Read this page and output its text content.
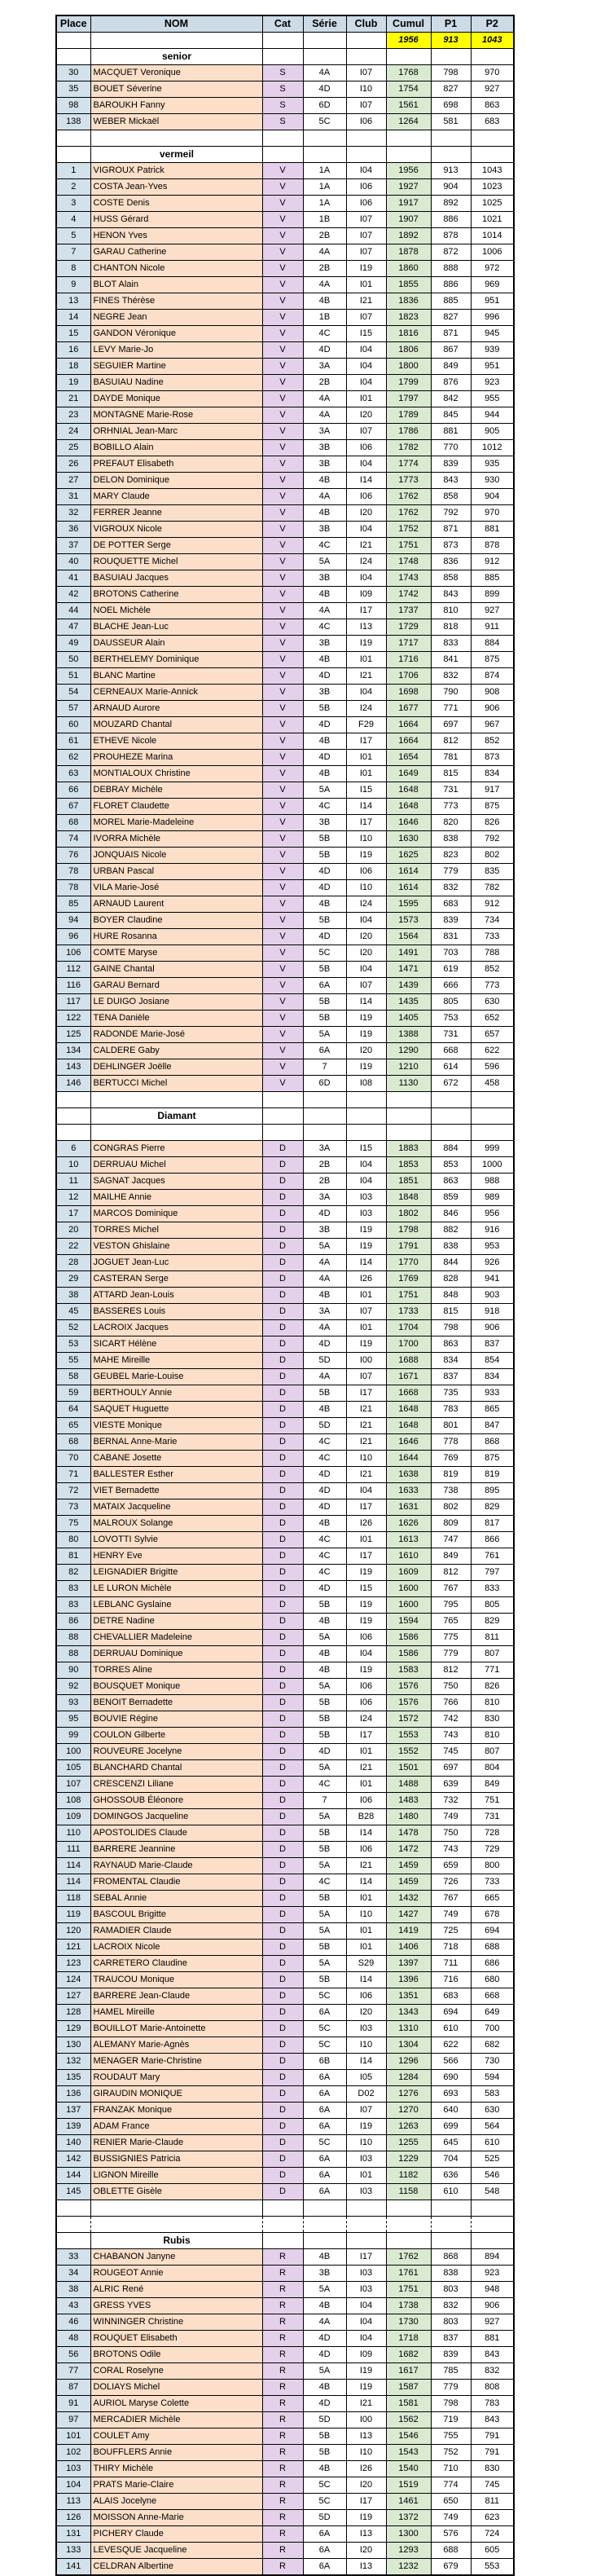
Place	NOM	Cat	Série	Club	Cumul	P1	P2
					1956	913	1043
	senior						
30	MACQUET Veronique	S	4A	I07	1768	798	970
35	BOUET Séverine	S	4D	I10	1754	827	927
98	BAROUKH Fanny	S	6D	I07	1561	698	863
138	WEBER Mickaël	S	5C	I06	1264	581	683

	vermeil						
1	VIGROUX Patrick	V	1A	I04	1956	913	1043
2	COSTA Jean-Yves	V	1A	I06	1927	904	1023
3	COSTE Denis	V	1A	I06	1917	892	1025
4	HUSS Gérard	V	1B	I07	1907	886	1021
5	HENON Yves	V	2B	I07	1892	878	1014
7	GARAU Catherine	V	4A	I07	1878	872	1006
8	CHANTON Nicole	V	2B	I19	1860	888	972
9	BLOT Alain	V	4A	I01	1855	886	969
13	FINES Thérèse	V	4B	I21	1836	885	951
14	NEGRE Jean	V	1B	I07	1823	827	996
15	GANDON Véronique	V	4C	I15	1816	871	945
16	LEVY Marie-Jo	V	4D	I04	1806	867	939
18	SEGUIER Martine	V	3A	I04	1800	849	951
19	BASUIAU Nadine	V	2B	I04	1799	876	923
21	DAYDE Monique	V	4A	I01	1797	842	955
23	MONTAGNE Marie-Rose	V	4A	I20	1789	845	944
24	ORHNIAL Jean-Marc	V	3A	I07	1786	881	905
25	BOBILLO Alain	V	3B	I06	1782	770	1012
26	PREFAUT Elisabeth	V	3B	I04	1774	839	935
27	DELON Dominique	V	4B	I14	1773	843	930
31	MARY Claude	V	4A	I06	1762	858	904
32	FERRER Jeanne	V	4B	I20	1762	792	970
36	VIGROUX Nicole	V	3B	I04	1752	871	881
37	DE POTTER Serge	V	4C	I21	1751	873	878
40	ROUQUETTE Michel	V	5A	I24	1748	836	912
41	BASUIAU Jacques	V	3B	I04	1743	858	885
42	BROTONS Catherine	V	4B	I09	1742	843	899
44	NOEL Michèle	V	4A	I17	1737	810	927
47	BLACHE Jean-Luc	V	4C	I13	1729	818	911
49	DAUSSEUR Alain	V	3B	I19	1717	833	884
50	BERTHELEMY Dominique	V	4B	I01	1716	841	875
51	BLANC Martine	V	4D	I21	1706	832	874
54	CERNEAUX Marie-Annick	V	3B	I04	1698	790	908
57	ARNAUD Aurore	V	5B	I24	1677	771	906
60	MOUZARD Chantal	V	4D	F29	1664	697	967
61	ETHEVE Nicole	V	4B	I17	1664	812	852
62	PROUHEZE Marina	V	4D	I01	1654	781	873
63	MONTIALOUX Christine	V	4B	I01	1649	815	834
66	DEBRAY Michèle	V	5A	I15	1648	731	917
67	FLORET Claudette	V	4C	I14	1648	773	875
68	MOREL Marie-Madeleine	V	3B	I17	1646	820	826
74	IVORRA Michèle	V	5B	I10	1630	838	792
76	JONQUAIS Nicole	V	5B	I19	1625	823	802
78	URBAN Pascal	V	4D	I06	1614	779	835
78	VILA Marie-José	V	4D	I10	1614	832	782
85	ARNAUD Laurent	V	4B	I24	1595	683	912
94	BOYER Claudine	V	5B	I04	1573	839	734
96	HURE Rosanna	V	4D	I20	1564	831	733
106	COMTE Maryse	V	5C	I20	1491	703	788
112	GAINE Chantal	V	5B	I04	1471	619	852
116	GARAU Bernard	V	6A	I07	1439	666	773
117	LE DUIGO Josiane	V	5B	I14	1435	805	630
122	TENA Danièle	V	5B	I19	1405	753	652
125	RADONDE Marie-José	V	5A	I19	1388	731	657
134	CALDERE Gaby	V	6A	I20	1290	668	622
143	DEHLINGER Joëlle	V	7	I19	1210	614	596
146	BERTUCCI Michel	V	6D	I08	1130	672	458

	Diamant						

6	CONGRAS Pierre	D	3A	I15	1883	884	999
10	DERRUAU Michel	D	2B	I04	1853	853	1000
11	SAGNAT Jacques	D	2B	I04	1851	863	988
12	MAILHE Annie	D	3A	I03	1848	859	989
17	MARCOS Dominique	D	4D	I03	1802	846	956
20	TORRES Michel	D	3B	I19	1798	882	916
22	VESTON Ghislaine	D	5A	I19	1791	838	953
28	JOGUET Jean-Luc	D	4A	I14	1770	844	926
29	CASTERAN Serge	D	4A	I26	1769	828	941
38	ATTARD Jean-Louis	D	4B	I01	1751	848	903
45	BASSERES Louis	D	3A	I07	1733	815	918
52	LACROIX Jacques	D	4A	I01	1704	798	906
53	SICART Hélène	D	4D	I19	1700	863	837
55	MAHE Mireille	D	5D	I00	1688	834	854
58	GEUBEL Marie-Louise	D	4A	I07	1671	837	834
59	BERTHOULY Annie	D	5B	I17	1668	735	933
64	SAQUET Huguette	D	4B	I21	1648	783	865
65	VIESTE Monique	D	5D	I21	1648	801	847
68	BERNAL Anne-Marie	D	4C	I21	1646	778	868
70	CABANE Josette	D	4C	I10	1644	769	875
71	BALLESTER Esther	D	4D	I21	1638	819	819
72	VIET Bernadette	D	4D	I04	1633	738	895
73	MATAIX Jacqueline	D	4D	I17	1631	802	829
75	MALROUX Solange	D	4B	I26	1626	809	817
80	LOVOTTI Sylvie	D	4C	I01	1613	747	866
81	HENRY Eve	D	4C	I17	1610	849	761
82	LEIGNADIER Brigitte	D	4C	I19	1609	812	797
83	LE LURON Michèle	D	4D	I15	1600	767	833
83	LEBLANC Gyslaine	D	5B	I19	1600	795	805
86	DETRE Nadine	D	4B	I19	1594	765	829
88	CHEVALLIER Madeleine	D	5A	I06	1586	775	811
88	DERRUAU Dominique	D	4B	I04	1586	779	807
90	TORRES Aline	D	4B	I19	1583	812	771
92	BOUSQUET Monique	D	5A	I06	1576	750	826
93	BENOIT Bernadette	D	5B	I06	1576	766	810
95	BOUVIE Régine	D	5B	I24	1572	742	830
99	COULON Gilberte	D	5B	I17	1553	743	810
100	ROUVEURE Jocelyne	D	4D	I01	1552	745	807
105	BLANCHARD Chantal	D	5A	I21	1501	697	804
107	CRESCENZI Liliane	D	4C	I01	1488	639	849
108	GHOSSOUB Éléonore	D	7	I06	1483	732	751
109	DOMINGOS Jacqueline	D	5A	B28	1480	749	731
110	APOSTOLIDES Claude	D	5B	I14	1478	750	728
111	BARRERE Jeannine	D	5B	I06	1472	743	729
114	RAYNAUD Marie-Claude	D	5A	I21	1459	659	800
114	FROMENTAL Claudie	D	4C	I14	1459	726	733
118	SEBAL Annie	D	5B	I01	1432	767	665
119	BASCOUL Brigitte	D	5A	I10	1427	749	678
120	RAMADIER Claude	D	5A	I01	1419	725	694
121	LACROIX Nicole	D	5B	I01	1406	718	688
123	CARRETERO Claudine	D	5A	S29	1397	711	686
124	TRAUCOU Monique	D	5B	I14	1396	716	680
127	BARRERE Jean-Claude	D	5C	I06	1351	683	668
128	HAMEL Mireille	D	6A	I20	1343	694	649
129	BOUILLOT Marie-Antoinette	D	5C	I03	1310	610	700
130	ALEMANY Marie-Agnès	D	5C	I10	1304	622	682
132	MENAGER Marie-Christine	D	6B	I14	1296	566	730
135	ROUDAUT Mary	D	6A	I05	1284	690	594
136	GIRAUDIN MONIQUE	D	6A	D02	1276	693	583
137	FRANZAK Monique	D	6A	I07	1270	640	630
139	ADAM France	D	6A	I19	1263	699	564
140	RENIER Marie-Claude	D	5C	I10	1255	645	610
142	BUSSIGNIES Patricia	D	6A	I03	1229	704	525
144	LIGNON Mireille	D	6A	I01	1182	636	546
145	OBLETTE Gisèle	D	6A	I03	1158	610	548

	Rubis						
33	CHABANON Janyne	R	4B	I17	1762	868	894
34	ROUGEOT Annie	R	3B	I03	1761	838	923
38	ALRIC René	R	5A	I03	1751	803	948
43	GRESS YVES	R	4B	I04	1738	832	906
46	WINNINGER Christine	R	4A	I04	1730	803	927
48	ROUQUET Elisabeth	R	4D	I04	1718	837	881
56	BROTONS Odile	R	4D	I09	1682	839	843
77	CORAL Roselyne	R	5A	I19	1617	785	832
87	DOLIAYS Michel	R	4B	I19	1587	779	808
91	AURIOL Maryse Colette	R	4D	I21	1581	798	783
97	MERCADIER Michèle	R	5D	I00	1562	719	843
101	COULET Amy	R	5B	I13	1546	755	791
102	BOUFFLERS Annie	R	5B	I10	1543	752	791
103	THIRY Michèle	R	4B	I26	1540	710	830
104	PRATS Marie-Claire	R	5C	I20	1519	774	745
113	ALAIS Jocelyne	R	5C	I17	1461	650	811
126	MOISSON Anne-Marie	R	5D	I19	1372	749	623
131	PICHERY Claude	R	6A	I13	1300	576	724
133	LEVESQUE Jacqueline	R	6A	I20	1293	688	605
141	CELDRAN Albertine	R	6A	I13	1232	679	553
